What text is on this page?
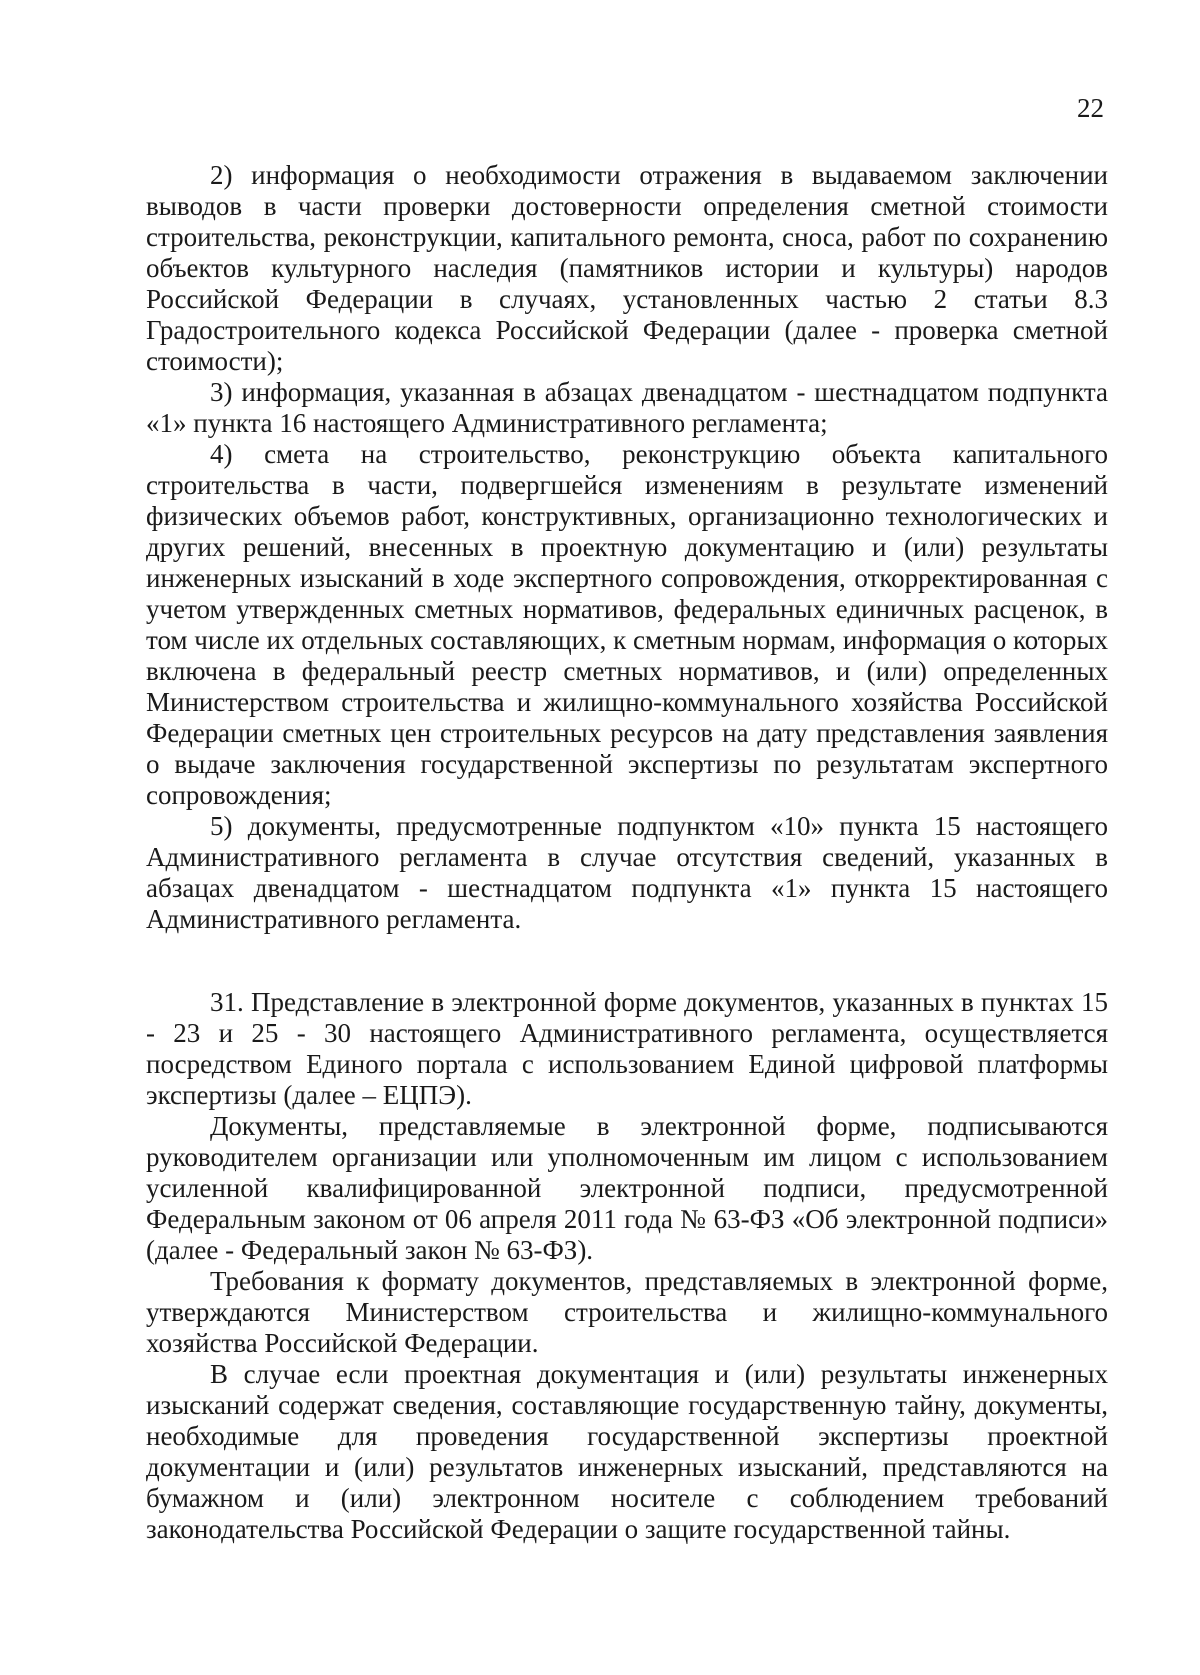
22

2) информация о необходимости отражения в выдаваемом заключении выводов в части проверки достоверности определения сметной стоимости строительства, реконструкции, капитального ремонта, сноса, работ по сохранению объектов культурного наследия (памятников истории и культуры) народов Российской Федерации в случаях, установленных частью 2 статьи 8.3 Градостроительного кодекса Российской Федерации (далее - проверка сметной стоимости);

3) информация, указанная в абзацах двенадцатом - шестнадцатом подпункта «1» пункта 16 настоящего Административного регламента;

4) смета на строительство, реконструкцию объекта капитального строительства в части, подвергшейся изменениям в результате изменений физических объемов работ, конструктивных, организационно технологических и других решений, внесенных в проектную документацию и (или) результаты инженерных изысканий в ходе экспертного сопровождения, откорректированная с учетом утвержденных сметных нормативов, федеральных единичных расценок, в том числе их отдельных составляющих, к сметным нормам, информация о которых включена в федеральный реестр сметных нормативов, и (или) определенных Министерством строительства и жилищно-коммунального хозяйства Российской Федерации сметных цен строительных ресурсов на дату представления заявления о выдаче заключения государственной экспертизы по результатам экспертного сопровождения;

5) документы, предусмотренные подпунктом «10» пункта 15 настоящего Административного регламента в случае отсутствия сведений, указанных в абзацах двенадцатом - шестнадцатом подпункта «1» пункта 15 настоящего Административного регламента.

31. Представление в электронной форме документов, указанных в пунктах 15 - 23 и 25 - 30 настоящего Административного регламента, осуществляется посредством Единого портала с использованием Единой цифровой платформы экспертизы (далее – ЕЦПЭ).

Документы, представляемые в электронной форме, подписываются руководителем организации или уполномоченным им лицом с использованием усиленной квалифицированной электронной подписи, предусмотренной Федеральным законом от 06 апреля 2011 года № 63-ФЗ «Об электронной подписи» (далее - Федеральный закон № 63-ФЗ).

Требования к формату документов, представляемых в электронной форме, утверждаются Министерством строительства и жилищно-коммунального хозяйства Российской Федерации.

В случае если проектная документация и (или) результаты инженерных изысканий содержат сведения, составляющие государственную тайну, документы, необходимые для проведения государственной экспертизы проектной документации и (или) результатов инженерных изысканий, представляются на бумажном и (или) электронном носителе с соблюдением требований законодательства Российской Федерации о защите государственной тайны.
